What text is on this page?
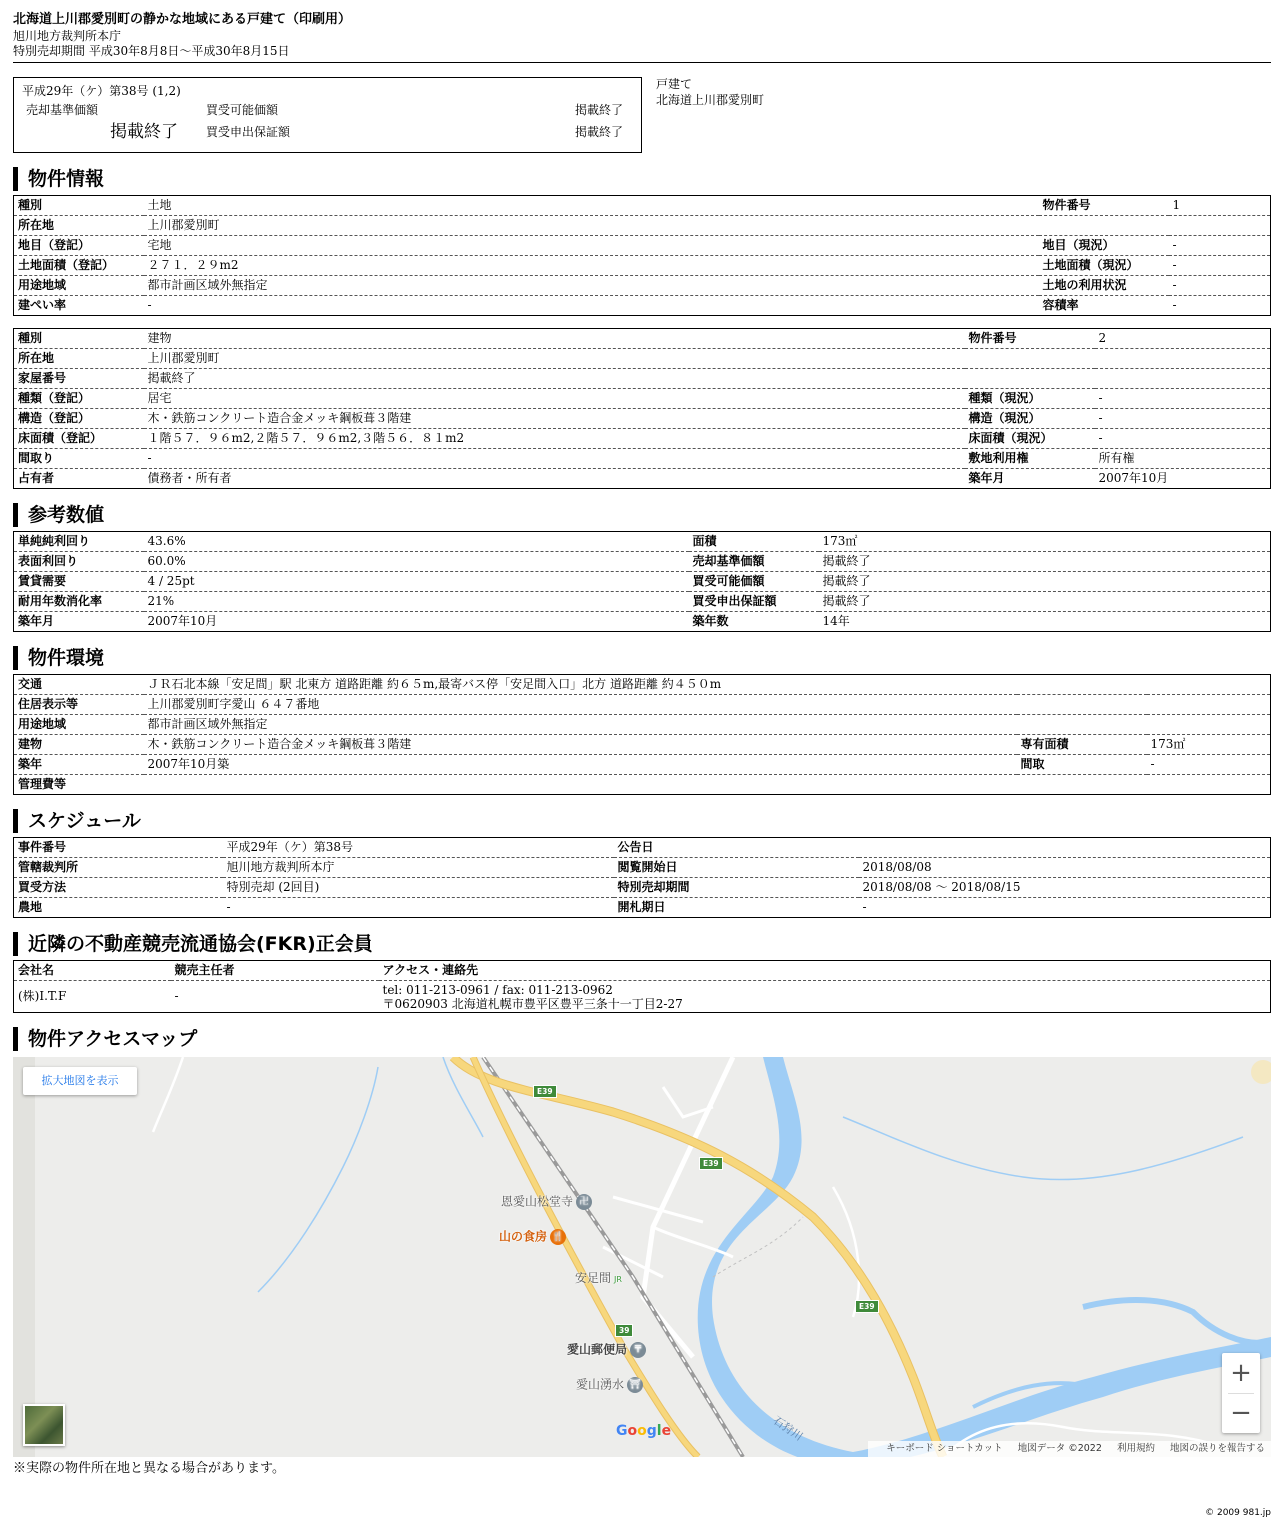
北海道上川郡愛別町の静かな地域にある戸建て（印刷用）
旭川地方裁判所本庁
特別売却期間 平成30年8月8日～平成30年8月15日
平成29年（ケ）第38号 (1,2)
売却基準価額
掲載終了
買受可能価額	掲載終了
買受申出保証額	掲載終了
戸建て
北海道上川郡愛別町
物件情報
種別	土地	物件番号	1
所在地	上川郡愛別町		
地目（登記）	宅地	地目（現況）	-
土地面積（登記）	２７１．２９m2	土地面積（現況）	-
用途地域	都市計画区域外無指定	土地の利用状況	-
建ぺい率	-	容積率	-
種別	建物	物件番号	2
所在地	上川郡愛別町		
家屋番号	掲載終了		
種類（登記）	居宅	種類（現況）	-
構造（登記）	木・鉄筋コンクリート造合金メッキ鋼板葺３階建	構造（現況）	-
床面積（登記）	１階５７．９６m2,２階５７．９６m2,３階５６．８１m2	床面積（現況）	-
間取り	-	敷地利用権	所有権
占有者	債務者・所有者	築年月	2007年10月
参考数値
単純純利回り	43.6%	面積	173㎡
表面利回り	60.0%	売却基準価額	掲載終了
賃貸需要	4 / 25pt	買受可能価額	掲載終了
耐用年数消化率	21%	買受申出保証額	掲載終了
築年月	2007年10月	築年数	14年
物件環境
交通	ＪＲ石北本線「安足間」駅 北東方 道路距離 約６５m,最寄バス停「安足間入口」北方 道路距離 約４５０m		
住居表示等	上川郡愛別町字愛山 ６４７番地		
用途地域	都市計画区域外無指定		
建物	木・鉄筋コンクリート造合金メッキ鋼板葺３階建	専有面積	173㎡
築年	2007年10月築	間取	-
管理費等			
スケジュール
事件番号	平成29年（ケ）第38号	公告日	
管轄裁判所	旭川地方裁判所本庁	閲覧開始日	2018/08/08
買受方法	特別売却 (2回目)	特別売却期間	2018/08/08 ～ 2018/08/15
農地	-	開札期日	-
近隣の不動産競売流通協会(FKR)正会員
会社名	競売主任者	アクセス・連絡先
(株)I.T.F	-	tel: 011-213-0961 / fax: 011-213-0962
〒0620903 北海道札幌市豊平区豊平三条十一丁目2-27
物件アクセスマップ
拡大地図を表示
E39
E39
E39
39
恩愛山松堂寺 卍
山の食房 🍴
安足間 JR
愛山郵便局 〒
愛山湧水 ⛩
石狩川
Google
+
−
キーボード ショートカット 地図データ ©2022 利用規約 地図の誤りを報告する
※実際の物件所在地と異なる場合があります。
© 2009 981.jp
